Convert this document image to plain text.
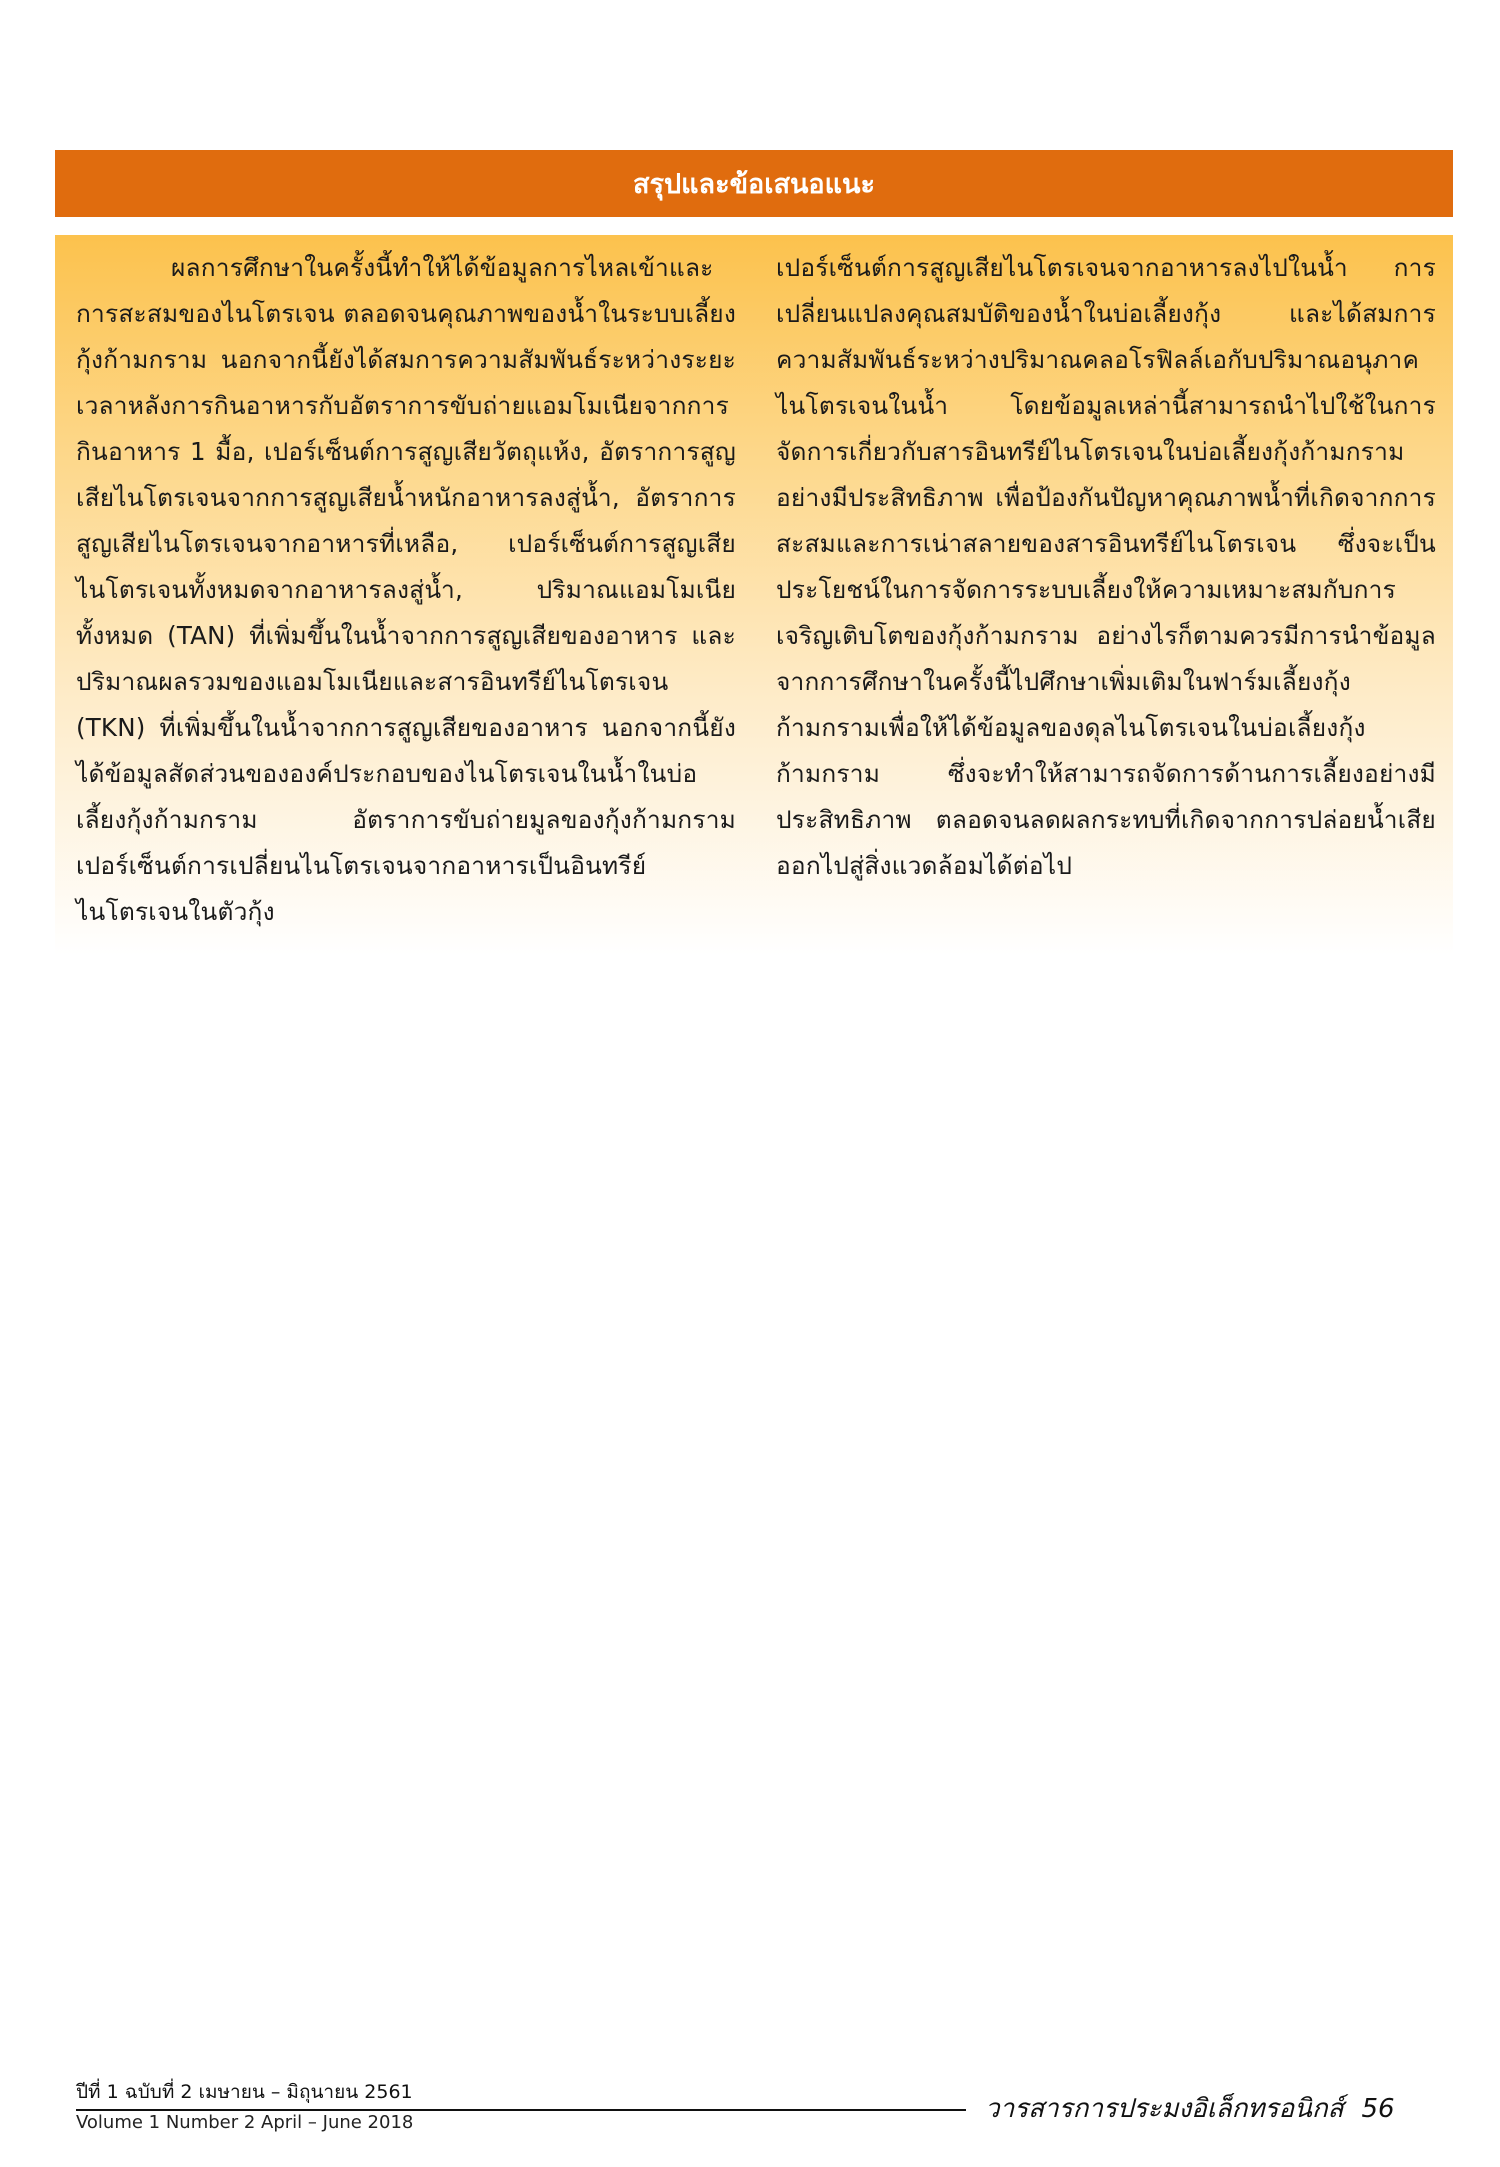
สรุปและข้อเสนอแนะ

ผลการศึกษาในครั้งนี้ทำให้ได้ข้อมูลการไหลเข้าและการสะสมของไนโตรเจน ตลอดจนคุณภาพของน้ำในระบบเลี้ยงกุ้งก้ามกราม นอกจากนี้ยังได้สมการความสัมพันธ์ระหว่างระยะเวลาหลังการกินอาหารกับอัตราการขับถ่ายแอมโมเนียจากการกินอาหาร 1 มื้อ, เปอร์เซ็นต์การสูญเสียวัตถุแห้ง, อัตราการสูญเสียไนโตรเจนจากการสูญเสียน้ำหนักอาหารลงสู่น้ำ, อัตราการสูญเสียไนโตรเจนจากอาหารที่เหลือ, เปอร์เซ็นต์การสูญเสียไนโตรเจนทั้งหมดจากอาหารลงสู่น้ำ, ปริมาณแอมโมเนียทั้งหมด (TAN) ที่เพิ่มขึ้นในน้ำจากการสูญเสียของอาหาร และปริมาณผลรวมของแอมโมเนียและสารอินทรีย์ไนโตรเจน (TKN) ที่เพิ่มขึ้นในน้ำจากการสูญเสียของอาหาร นอกจากนี้ยังได้ข้อมูลสัดส่วนขององค์ประกอบของไนโตรเจนในน้ำในบ่อเลี้ยงกุ้งก้ามกราม อัตราการขับถ่ายมูลของกุ้งก้ามกราม เปอร์เซ็นต์การเปลี่ยนไนโตรเจนจากอาหารเป็นอินทรีย์ไนโตรเจนในตัวกุ้ง

เปอร์เซ็นต์การสูญเสียไนโตรเจนจากอาหารลงไปในน้ำ การเปลี่ยนแปลงคุณสมบัติของน้ำในบ่อเลี้ยงกุ้ง และได้สมการความสัมพันธ์ระหว่างปริมาณคลอโรฟิลล์เอกับปริมาณอนุภาคไนโตรเจนในน้ำ โดยข้อมูลเหล่านี้สามารถนำไปใช้ในการจัดการเกี่ยวกับสารอินทรีย์ไนโตรเจนในบ่อเลี้ยงกุ้งก้ามกรามอย่างมีประสิทธิภาพ เพื่อป้องกันปัญหาคุณภาพน้ำที่เกิดจากการสะสมและการเน่าสลายของสารอินทรีย์ไนโตรเจน ซึ่งจะเป็นประโยชน์ในการจัดการระบบเลี้ยงให้ความเหมาะสมกับการเจริญเติบโตของกุ้งก้ามกราม อย่างไรก็ตามควรมีการนำข้อมูลจากการศึกษาในครั้งนี้ไปศึกษาเพิ่มเติมในฟาร์มเลี้ยงกุ้งก้ามกรามเพื่อให้ได้ข้อมูลของดุลไนโตรเจนในบ่อเลี้ยงกุ้งก้ามกราม ซึ่งจะทำให้สามารถจัดการด้านการเลี้ยงอย่างมีประสิทธิภาพ ตลอดจนลดผลกระทบที่เกิดจากการปล่อยน้ำเสียออกไปสู่สิ่งแวดล้อมได้ต่อไป

ปีที่ 1 ฉบับที่ 2 เมษายน – มิถุนายน 2561
Volume 1 Number 2 April – June 2018	วารสารการประมงอิเล็กทรอนิกส์ 56
